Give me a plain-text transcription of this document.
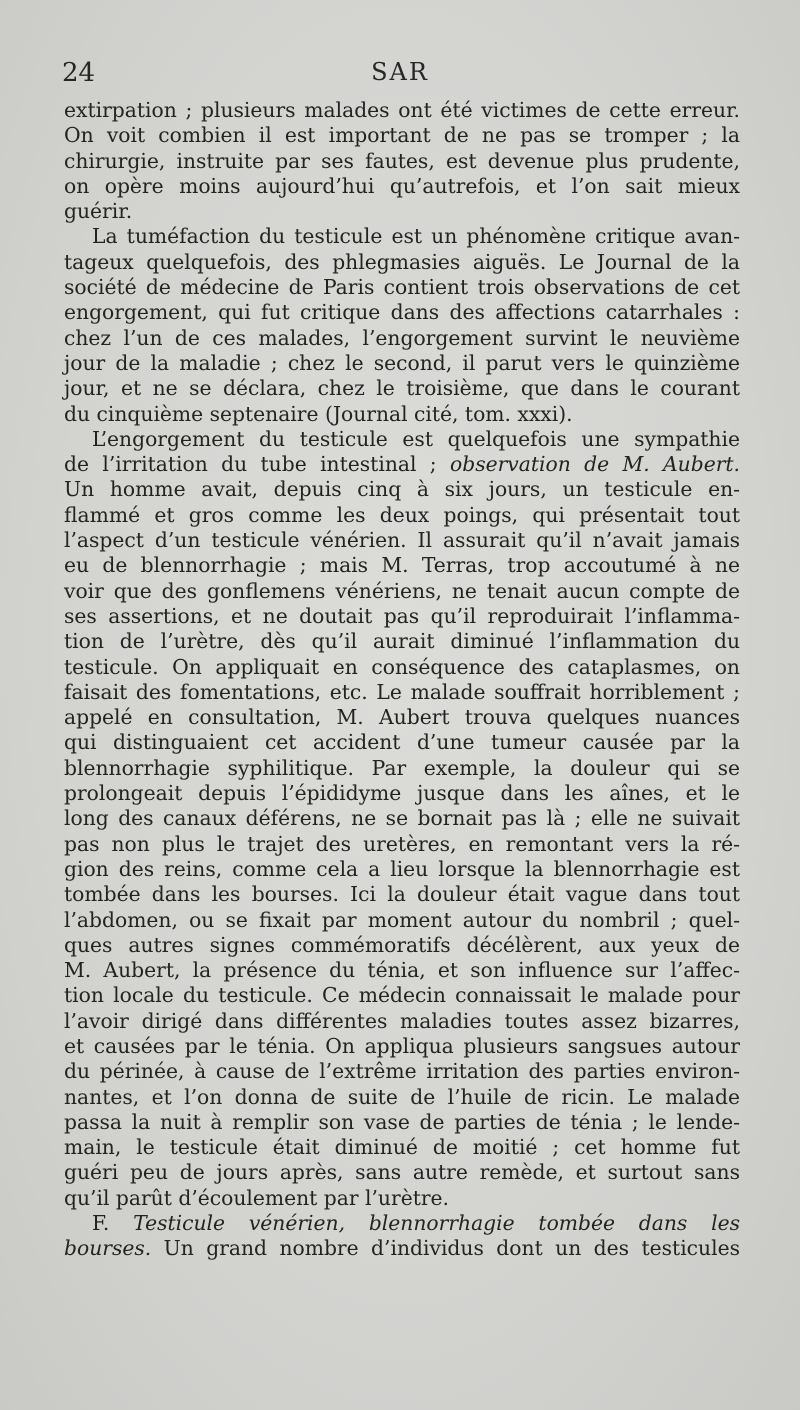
24	SAR
extirpation ; plusieurs malades ont été victimes de cette erreur.
On voit combien il est important de ne pas se tromper ; la
chirurgie, instruite par ses fautes, est devenue plus prudente,
on opère moins aujourd’hui qu’autrefois, et l’on sait mieux
guérir.
La tuméfaction du testicule est un phénomène critique avan-
tageux quelquefois, des phlegmasies aiguës. Le Journal de la
société de médecine de Paris contient trois observations de cet
engorgement, qui fut critique dans des affections catarrhales :
chez l’un de ces malades, l’engorgement survint le neuvième
jour de la maladie ; chez le second, il parut vers le quinzième
jour, et ne se déclara, chez le troisième, que dans le courant
du cinquième septenaire (Journal cité, tom. xxxi).
L’engorgement du testicule est quelquefois une sympathie
de l’irritation du tube intestinal ; observation de M. Aubert.
Un homme avait, depuis cinq à six jours, un testicule en-
flammé et gros comme les deux poings, qui présentait tout
l’aspect d’un testicule vénérien. Il assurait qu’il n’avait jamais
eu de blennorrhagie ; mais M. Terras, trop accoutumé à ne
voir que des gonflemens vénériens, ne tenait aucun compte de
ses assertions, et ne doutait pas qu’il reproduirait l’inflamma-
tion de l’urètre, dès qu’il aurait diminué l’inflammation du
testicule. On appliquait en conséquence des cataplasmes, on
faisait des fomentations, etc. Le malade souffrait horriblement ;
appelé en consultation, M. Aubert trouva quelques nuances
qui distinguaient cet accident d’une tumeur causée par la
blennorrhagie syphilitique. Par exemple, la douleur qui se
prolongeait depuis l’épididyme jusque dans les aînes, et le
long des canaux déférens, ne se bornait pas là ; elle ne suivait
pas non plus le trajet des uretères, en remontant vers la ré-
gion des reins, comme cela a lieu lorsque la blennorrhagie est
tombée dans les bourses. Ici la douleur était vague dans tout
l’abdomen, ou se fixait par moment autour du nombril ; quel-
ques autres signes commémoratifs décélèrent, aux yeux de
M. Aubert, la présence du ténia, et son influence sur l’affec-
tion locale du testicule. Ce médecin connaissait le malade pour
l’avoir dirigé dans différentes maladies toutes assez bizarres,
et causées par le ténia. On appliqua plusieurs sangsues autour
du périnée, à cause de l’extrême irritation des parties environ-
nantes, et l’on donna de suite de l’huile de ricin. Le malade
passa la nuit à remplir son vase de parties de ténia ; le lende-
main, le testicule était diminué de moitié ; cet homme fut
guéri peu de jours après, sans autre remède, et surtout sans
qu’il parût d’écoulement par l’urètre.
F. Testicule vénérien, blennorrhagie tombée dans les
bourses. Un grand nombre d’individus dont un des testicules
